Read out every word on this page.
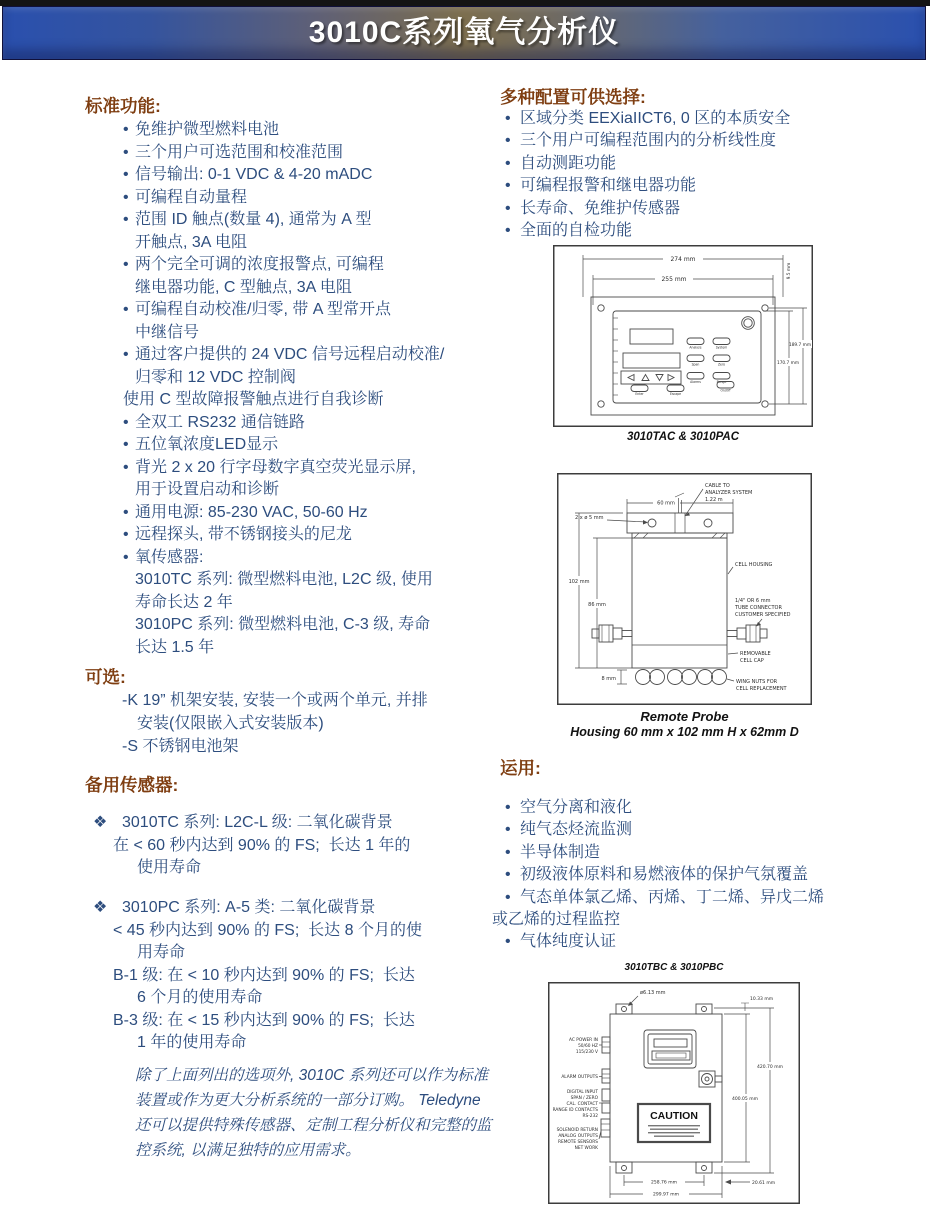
3010C系列氧气分析仪
标准功能:
• 免维护微型燃料电池
• 三个用户可选范围和校准范围
• 信号输出: 0-1 VDC & 4-20 mADC
• 可编程自动量程
• 范围 ID 触点(数量 4), 通常为 A 型
开触点, 3A 电阻
• 两个完全可调的浓度报警点, 可编程
继电器功能, C 型触点, 3A 电阻
• 可编程自动校准/归零, 带 A 型常开点
中继信号
• 通过客户提供的 24 VDC 信号远程启动校准/
归零和 12 VDC 控制阀
使用 C 型故障报警触点进行自我诊断
• 全双工 RS232 通信链路
• 五位氧浓度LED显示
• 背光 2 x 20 行字母数字真空荧光显示屏,
用于设置启动和诊断
• 通用电源: 85-230 VAC, 50-60 Hz
• 远程探头, 带不锈钢接头的尼龙
• 氧传感器:
3010TC 系列: 微型燃料电池, L2C 级, 使用
寿命长达 2 年
3010PC 系列: 微型燃料电池, C-3 级, 寿命
长达 1.5 年
可选:
-K 19” 机架安装, 安装一个或两个单元, 并排
安装(仅限嵌入式安装版本)
-S 不锈钢电池架
备用传感器:
❖ 3010TC 系列: L2C-L 级: 二氧化碳背景
在 < 60 秒内达到 90% 的 FS;  长达 1 年的
使用寿命
❖ 3010PC 系列: A-5 类: 二氧化碳背景
< 45 秒内达到 90% 的 FS;  长达 8 个月的使
用寿命
B-1 级: 在 < 10 秒内达到 90% 的 FS;  长达
6 个月的使用寿命
B-3 级: 在 < 15 秒内达到 90% 的 FS;  长达
1 年的使用寿命
除了上面列出的选项外, 3010C 系列还可以作为标准
装置或作为更大分析系统的一部分订购。 Teledyne
还可以提供特殊传感器、定制工程分析仪和完整的监
控系统, 以满足独特的应用需求。
多种配置可供选择:
• 区域分类 EEXiaIICT6, 0 区的本质安全
• 三个用户可编程范围内的分析线性度
• 自动测距功能
• 可编程报警和继电器功能
• 长寿命、免维护传感器
• 全面的自检功能
274 mm
255 mm
9.5 mm
Analyze	System
Span	Zero
Alarms	Range
Enter	Escape
On/Off
189.7 mm
170.7 mm
3010TAC & 3010PAC
CABLE TO
ANALYZER SYSTEM
1.22 m
60 mm
102 mm
86 mm
8 mm
2 x ø 5 mm
CELL HOUSING
1/4" OR 6 mm
TUBE CONNECTOR
CUSTOMER SPECIFIED
REMOVABLE
CELL CAP
WING NUTS FOR
CELL REPLACEMENT
Remote Probe
Housing 60 mm x 102 mm H x 62mm D
运用:
• 空气分离和液化
• 纯气态烃流监测
• 半导体制造
• 初级液体原料和易燃液体的保护气氛覆盖
• 气态单体氯乙烯、丙烯、丁二烯、异戊二烯
或乙烯的过程监控
• 气体纯度认证
3010TBC & 3010PBC
ø6.13 mm
10.33 mm
CAUTION
AC POWER IN
50/60 HZ
115/230 V
ALARM OUTPUTS
DIGITAL INPUT
SPAN / ZERO
CAL. CONTACT
RANGE ID CONTACTS
RS-232
SOLENOID RETURN
ANALOG OUTPUTS
REMOTE SENSORS
NET WORK
420.70 mm
400.05 mm
258.76 mm
299.97 mm
20.61 mm
